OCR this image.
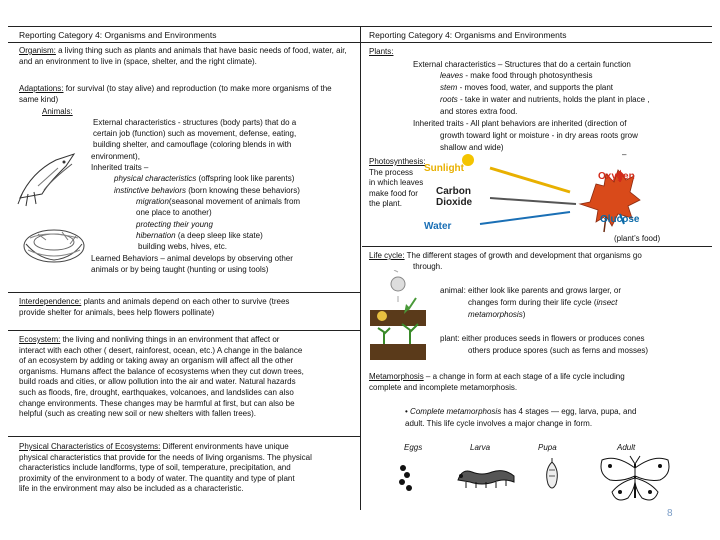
Reporting Category 4: Organisms and Environments	Reporting Category 4: Organisms and Environments
Organism: a living thing such as plants and animals that have basic needs of food, water, air, and an environment to live in (space, shelter, and the right climate).
Adaptations: for survival (to stay alive) and reproduction (to make more organisms of the same kind)
Animals:
External characteristics - structures (body parts) that do a
certain job (function) such as movement, defense, eating,
building shelter, and camouflage (coloring blends in with
environment),
Inherited traits –
physical characteristics (offspring look like parents)
instinctive behaviors (born knowing these behaviors)
migration(seasonal movement of animals from
one place to another)
protecting their young
hibernation (a deep sleep like state)
building webs, hives, etc.
Learned Behaviors – animal develops by observing other
animals or by being taught (hunting or using tools)
Interdependence: plants and animals depend on each other to survive (trees
provide shelter for animals, bees help flowers pollinate)
Ecosystem: the living and nonliving things in an environment that affect or
interact with each other ( desert, rainforest, ocean, etc.) A change in the balance
of an ecosystem by adding or taking away an organism will affect all the other
organisms. Humans affect the balance of ecosystems when they cut down trees,
build roads and cities, or allow pollution into the air and water. Natural hazards
such as floods, fire, drought, earthquakes, volcanoes, and landslides can also
change environments. These changes may be harmful at first, but can also be
helpful (such as creating new soil or new shelters with fallen trees).
Physical Characteristics of Ecosystems: Different environments have unique
physical characteristics that provide for the needs of living organisms. The physical
characteristics include landforms, type of soil, temperature, precipitation, and
proximity of the environment to a body of water. The quantity and type of plant
life in the environment may also be included as a characteristic.
Plants:
External characteristics – Structures that do a certain function
leaves - make food through photosynthesis
stem - moves food, water, and supports the plant
roots - take in water and nutrients, holds the plant in place ,
and stores extra food.
Inherited traits - All plant behaviors are inherited (direction of
growth toward light or moisture - in dry areas roots grow
shallow and wide)
–
Photosynthesis:
The process
in which leaves
make food for
the plant.
Sunlight
Oxygen
Carbon
Dioxide
Water
Glucose
(plant’s food)
Life cycle: The different stages of growth and development that organisms go
through.
animal: either look like parents and grows larger, or
changes form during their life cycle (insect
metamorphosis)
plant: either produces seeds in flowers or produces cones
others produce spores (such as ferns and mosses)
Metamorphosis – a change in form at each stage of a life cycle including
complete and incomplete metamorphosis.
• Complete metamorphosis has 4 stages — egg, larva, pupa, and
adult. This life cycle involves a major change in form.
Eggs	Larva	Pupa	Adult
8
